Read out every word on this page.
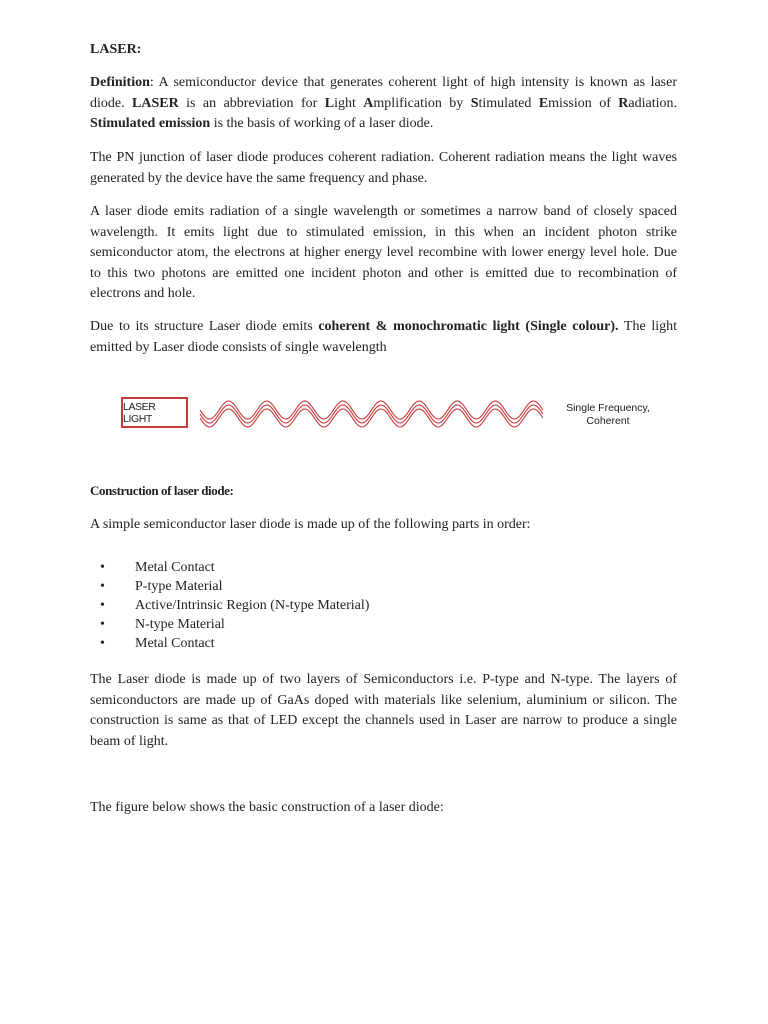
LASER:
Definition: A semiconductor device that generates coherent light of high intensity is known as laser diode. LASER is an abbreviation for Light Amplification by Stimulated Emission of Radiation. Stimulated emission is the basis of working of a laser diode.
The PN junction of laser diode produces coherent radiation. Coherent radiation means the light waves generated by the device have the same frequency and phase.
A laser diode emits radiation of a single wavelength or sometimes a narrow band of closely spaced wavelength. It emits light due to stimulated emission, in this when an incident photon strike semiconductor atom, the electrons at higher energy level recombine with lower energy level hole. Due to this two photons are emitted one incident photon and other is emitted due to recombination of electrons and hole.
Due to its structure Laser diode emits coherent & monochromatic light (Single colour). The light emitted by Laser diode consists of single wavelength
LASER LIGHT
Single Frequency,
Coherent
Construction of laser diode:
A simple semiconductor laser diode is made up of the following parts in order:
• Metal Contact
• P-type Material
• Active/Intrinsic Region (N-type Material)
• N-type Material
• Metal Contact
The Laser diode is made up of two layers of Semiconductors i.e. P-type and N-type. The layers of semiconductors are made up of GaAs doped with materials like selenium, aluminium or silicon. The construction is same as that of LED except the channels used in Laser are narrow to produce a single beam of light.
The figure below shows the basic construction of a laser diode:
